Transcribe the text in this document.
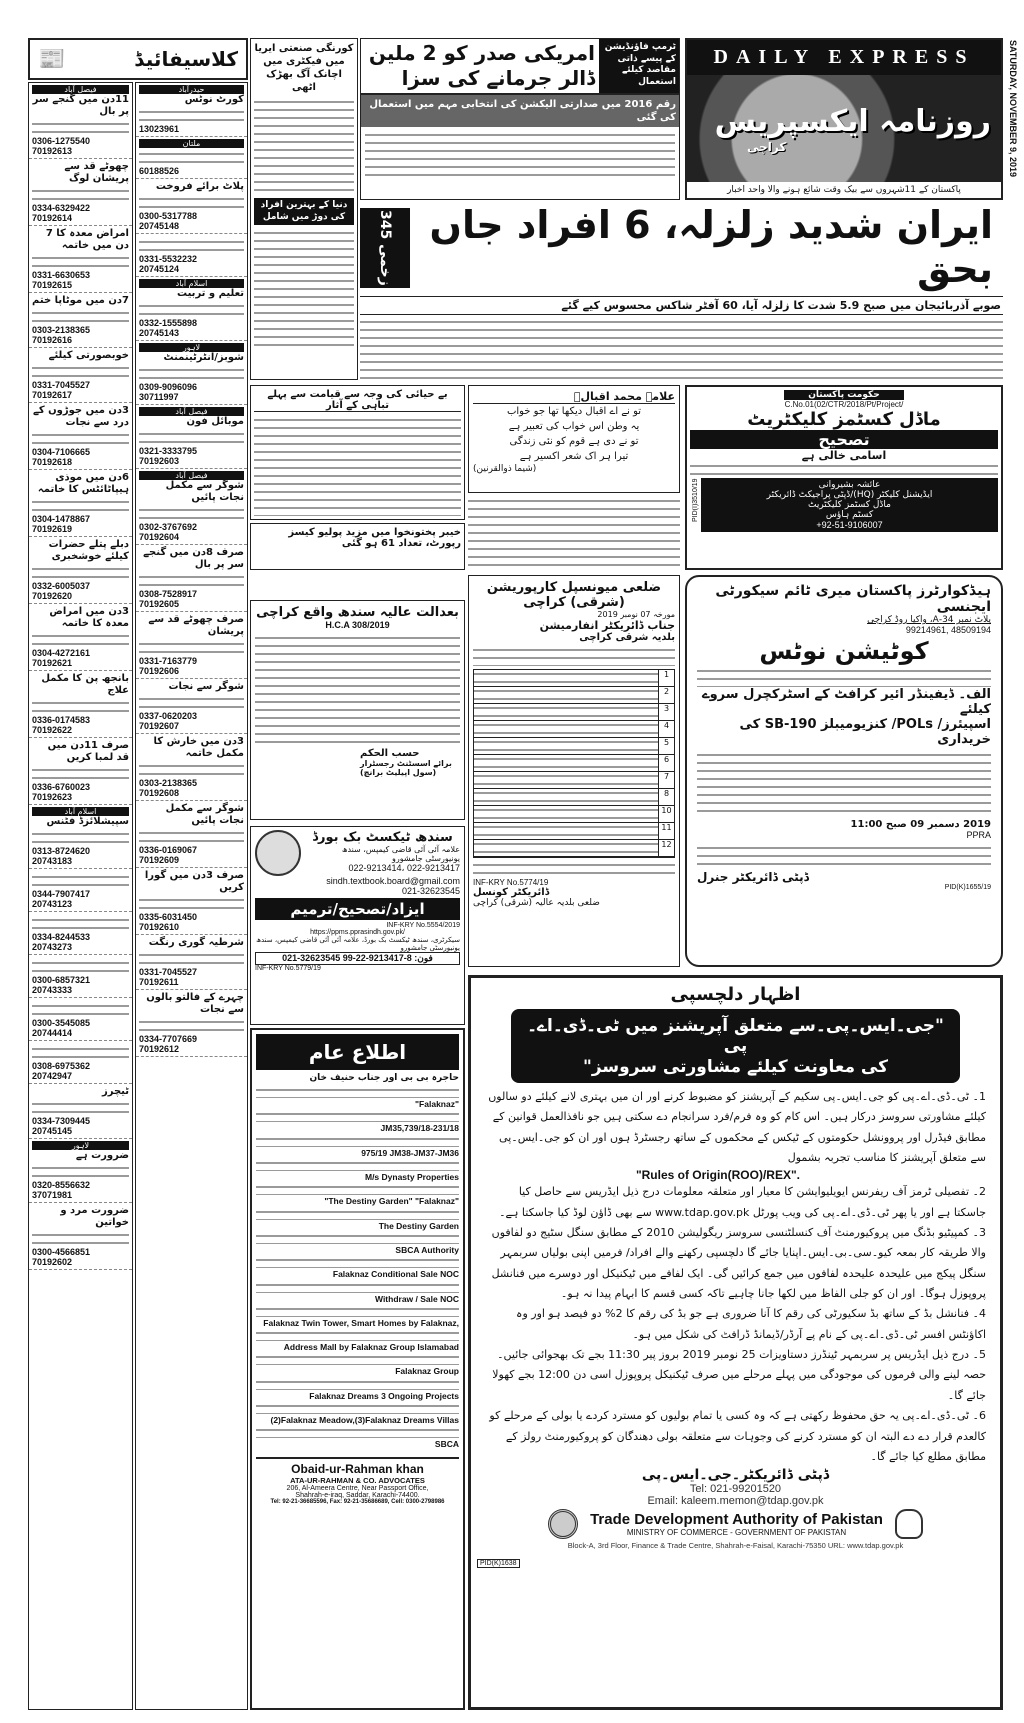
SATURDAY, NOVEMBER 9, 2019
📰	کلاسیفائیڈ
فیصل آباد
11دن میں گنجے سر پر بال
0306-1275540
70192613
چھوٹے قد سے پریشان لوگ
0334-6329422
70192614
امراض معدہ کا 7 دن میں خاتمہ
0331-6630653
70192615
7دن میں موٹاپا ختم
0303-2138365
70192616
خوبصورتی کیلئے
0331-7045527
70192617
3دن میں جوڑوں کے درد سے نجات
0304-7106665
70192618
6دن میں موذی ہیپاٹائٹس کا خاتمہ
0304-1478867
70192619
دبلے پتلے حضرات کیلئے خوشخبری
0332-6005037
70192620
3دن میں امراض معدہ کا خاتمہ
0304-4272161
70192621
بانجھ پن کا مکمل علاج
0336-0174583
70192622
صرف 11دن میں قد لمبا کریں
0336-6760023
70192623
اسلام آباد
سپیشلائزڈ فٹنس
0313-8724620
20743183
0344-7907417
20743123
0334-8244533
20743273
0300-6857321
20743333
0300-3545085
20744414
0308-6975362
20742947
ٹیچرز
0334-7309445
20745145
لاہور
ضرورت ہے
0320-8556632
37071981
ضرورت مرد و خواتین
0300-4566851
70192602
حیدرآباد
کورٹ نوٹس
13023961
ملتان
60188526
پلاٹ برائے فروخت
0300-5317788
20745148
0331-5532232
20745124
اسلام آباد
تعلیم و تربیت
0332-1555898
20745143
لاہور
شوبز/انٹرٹینمنٹ
0309-9096096
30711997
فیصل آباد
موبائل فون
0321-3333795
70192603
فیصل آباد
شوگر سے مکمل نجات پائیں
0302-3767692
70192604
صرف 8دن میں گنجے سر پر بال
0308-7528917
70192605
صرف چھوٹے قد سے پریشان
0331-7163779
70192606
شوگر سے نجات
0337-0620203
70192607
3دن میں خارش کا مکمل خاتمہ
0303-2138365
70192608
شوگر سے مکمل نجات پائیں
0336-0169067
70192609
صرف 3دن میں گورا کریں
0335-6031450
70192610
شرطیہ گوری رنگت
0331-7045527
70192611
چہرے کے فالتو بالوں سے نجات
0334-7707669
70192612
کورنگی صنعتی ایریا میں فیکٹری میں اچانک آگ بھڑک اٹھی
دنیا کے بہترین افراد کی دوڑ میں شامل
امریکی صدر کو 2 ملین ڈالر جرمانے کی سزا
ٹرمپ فاؤنڈیشن کے پیسے ذاتی مقاصد کیلئے استعمال
رقم 2016 میں صدارتی الیکشن کی انتخابی مہم میں استعمال کی گئی
DAILY EXPRESS
روزنامہ ایکسپریس
کراچی
پاکستان کے 11شہروں سے بیک وقت شائع ہونے والا واحد اخبار
345 زخمی
ایران شدید زلزلہ، 6 افراد جاں بحق
صوبے آذربائیجان میں صبح 5.9 شدت کا زلزلہ آیا، 60 آفٹر شاکس محسوس کیے گئے
بے حیائی کی وجہ سے قیامت سے پہلے تباہی کے آثار
علامہ محمد اقبالؒ
تو نے اے اقبال دیکھا تھا جو خواب
یہ وطن اس خواب کی تعبیر ہے
تو نے دی ہے قوم کو نئی زندگی
تیرا ہر اک شعر اکسیر ہے
(شیما ذوالقرنین)
خیبر پختونخوا میں مزید پولیو کیسز رپورٹ، تعداد 61 ہو گئی
حکومت پاکستان
C.No.01(02/CTR/2018/Pt/Project/
ماڈل کسٹمز کلیکٹریٹ
تصحیح
اسامی خالی ہے
PID(I)3510/19	عائشہ بشیروانی
ایڈیشنل کلیکٹر (HQ)/ڈپٹی پراجیکٹ ڈائریکٹر
ماڈل کسٹمز کلیکٹریٹ
کسٹم ہاؤس
+92-51-9106007
بعدالت عالیہ سندھ واقع کراچی
H.C.A 308/2019
حسب الحکم
برائے اسسٹنٹ رجسٹرار (سول اپیلیٹ برانچ)
ضلعی میونسپل کارپوریشن (شرقی) کراچی
مورخہ 07 نومبر 2019
جناب ڈائریکٹر انفارمیشن
بلدیہ شرقی کراچی
1
2
3
4
5
6
7
8
10
11
12
INF-KRY No.5774/19
ڈائریکٹر کونسل
ضلعی بلدیہ عالیہ (شرقی) کراچی
ہیڈکوارٹرز پاکستان میری ٹائم سیکورٹی ایجنسی
پلاٹ نمبر 34-A، واکیا روڈ کراچی
99214961, 48509194
کوٹیشن نوٹس
الف۔ ڈیفینڈر ائیر کرافٹ کے اسٹرکچرل سروے کیلئے
اسپیئرز/ POLs/ کنزیومیبلز SB-190 کی خریداری
2019 دسمبر 09 صبح 11:00
PPRA
ڈپٹی ڈائریکٹر جنرل
PID(K)1655/19
سندھ ٹیکسٹ بک بورڈ
علامہ آئی آئی قاضی کیمپس، سندھ یونیورسٹی جامشورو
022-9213414، 022-9213417
sindh.textbook.board@gmail.com
021-32623545
ایزاد/تصحیح/ترمیم
INF-KRY No.5554/2019
https://ppms.pprasindh.gov.pk/
سیکرٹری، سندھ ٹیکسٹ بک بورڈ، علامہ آئی آئی قاضی کیمپس، سندھ یونیورسٹی جامشورو
021-32623545 99-22-9213417-8 :فون
INF-KRY No.5779/19
اطلاع عام
حاجرہ بی بی اور جناب حنیف خان
"Falaknaz"
JM35,739/18-231/18
975/19 JM38-JM37-JM36
M/s Dynasty Properties
"The Destiny Garden" "Falaknaz"
The Destiny Garden
SBCA Authority
Falaknaz Conditional Sale NOC
Withdraw / Sale NOC
Falaknaz Twin Tower, Smart Homes by Falaknaz,
Address Mall by Falaknaz Group Islamabad
Falaknaz Group
Falaknaz Dreams 3 Ongoing Projects
(2)Falaknaz Meadow,(3)Falaknaz Dreams Villas
SBCA
Obaid-ur-Rahman khan
ATA-UR-RAHMAN & CO. ADVOCATES
206, Al-Ameera Centre, Near Passport Office,
Shahrah-e-iraq, Saddar, Karachi-74400.
Tel: 92-21-36685596, Fax: 92-21-35686689, Cell: 0300-2798986
اظہار دلچسپی
"جی۔ایس۔پی۔سے متعلق آپریشنز میں ٹی۔ڈی۔اے۔پی
کی معاونت کیلئے مشاورتی سروسز"
1۔ ٹی۔ڈی۔اے۔پی کو جی۔ایس۔پی سکیم کے آپریشنز کو مضبوط کرنے اور ان میں بہتری لانے کیلئے دو سالوں کیلئے مشاورتی سروسز درکار ہیں۔ اس کام کو وہ فرم/فرد سرانجام دے سکتی ہیں جو نافذالعمل قوانین کے مطابق فیڈرل اور پروونشل حکومتوں کے ٹیکس کے محکموں کے ساتھ رجسٹرڈ ہوں اور ان کو جی۔ایس۔پی سے متعلق آپریشنز کا مناسب تجربہ بشمول
"Rules of Origin(ROO)/REX".
2۔ تفصیلی ٹرمز آف ریفرنس ایویلیوایشن کا معیار اور متعلقہ معلومات درج ذیل ایڈریس سے حاصل کیا جاسکتا ہے اور یا پھر ٹی۔ڈی۔اے۔پی کی ویب پورٹل www.tdap.gov.pk سے بھی ڈاؤن لوڈ کیا جاسکتا ہے۔
3۔ کمپیٹیو بڈنگ میں پروکیورمنٹ آف کنسلٹنسی سروسز ریگولیشن 2010 کے مطابق سنگل سٹیج دو لفافوں والا طریقہ کار بمعہ کیو۔سی۔بی۔ایس۔اپنایا جائے گا دلچسپی رکھنے والے افراد/ فرمیں اپنی بولیاں سربمہر سنگل پیکج میں علیحدہ علیحدہ لفافوں میں جمع کرائیں گی۔ ایک لفافے میں ٹیکنیکل اور دوسرے میں فنانشل پروپوزل ہوگا۔ اور ان کو جلی الفاظ میں لکھا جانا چاہیے تاکہ کسی قسم کا ابہام پیدا نہ ہو۔
4۔ فنانشل بڈ کے ساتھ بڈ سکیورٹی کی رقم کا آنا ضروری ہے جو بڈ کی رقم کا 2% دو فیصد ہو اور وہ اکاؤنٹس افسر ٹی۔ڈی۔اے۔پی کے نام پے آرڈر/ڈیمانڈ ڈرافٹ کی شکل میں ہو۔
5۔ درج ذیل ایڈریس پر سربمہر ٹینڈرز دستاویزات 25 نومبر 2019 بروز پیر 11:30 بجے تک بھجوائی جائیں۔ حصہ لینے والی فرموں کی موجودگی میں پہلے مرحلے میں صرف ٹیکنیکل پروپوزل اسی دن 12:00 بجے کھولا جائے گا۔
6۔ ٹی۔ڈی۔اے۔پی یہ حق محفوظ رکھتی ہے کہ وہ کسی یا تمام بولیوں کو مسترد کردے یا بولی کے مرحلے کو کالعدم قرار دے دے البتہ ان کو مسترد کرنے کی وجوہات سے متعلقہ بولی دھندگان کو پروکیورمنٹ رولز کے مطابق مطلع کیا جائے گا۔
ڈپٹی ڈائریکٹر۔جی۔ایس۔پی
Tel: 021-99201520
Email: kaleem.memon@tdap.gov.pk
Trade Development Authority of Pakistan
MINISTRY OF COMMERCE - GOVERNMENT OF PAKISTAN
Block-A, 3rd Floor, Finance & Trade Centre, Shahrah-e-Faisal, Karachi-75350 URL: www.tdap.gov.pk
PID(K)1638
